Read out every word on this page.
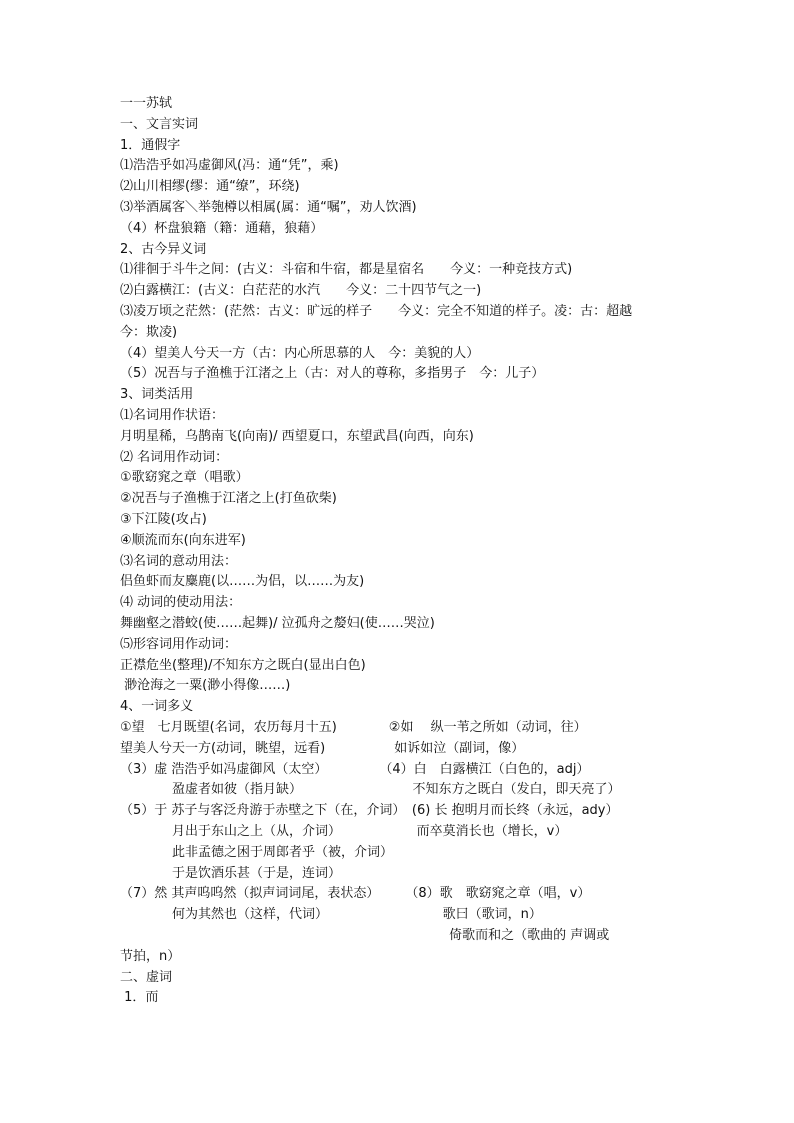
一一苏轼
一、文言实词
1．通假字
⑴浩浩乎如冯虚御风(冯：通“凭”，乘)
⑵山川相缪(缪：通“缭”，环绕)
⑶举酒属客＼举匏樽以相属(属：通“嘱”，劝人饮酒)
（4）杯盘狼籍（籍：通藉，狼藉）
2、古今异义词
⑴徘徊于斗牛之间：(古义：斗宿和牛宿，都是星宿名　　今义：一种竞技方式)
⑵白露横江：(古义：白茫茫的水汽　　今义：二十四节气之一)
⑶凌万顷之茫然：(茫然：古义：旷远的样子　　今义：完全不知道的样子。凌：古：超越
今：欺凌)
（4）望美人兮天一方（古：内心所思慕的人　今：美貌的人）
（5）况吾与子渔樵于江渚之上（古：对人的尊称，多指男子　今：儿子）
3、词类活用
⑴名词用作状语：
月明星稀，乌鹊南飞(向南)/ 西望夏口，东望武昌(向西，向东)
⑵ 名词用作动词：
①歌窈窕之章（唱歌）
②况吾与子渔樵于江渚之上(打鱼砍柴)
③下江陵(攻占)
④顺流而东(向东进军)
⑶名词的意动用法：
侣鱼虾而友麋鹿(以……为侣，以……为友)
⑷ 动词的使动用法：
舞幽壑之潜蛟(使……起舞)/ 泣孤舟之嫠妇(使……哭泣)
⑸形容词用作动词：
正襟危坐(整理)/不知东方之既白(显出白色)
渺沧海之一粟(渺小得像……)
4、一词多义
①望　七月既望(名词，农历每月十五)　　　　②如　 纵一苇之所如（动词，往）
望美人兮天一方(动词，眺望，远看)　　　　　 如诉如泣（副词，像）
（3）虚 浩浩乎如冯虚御风（太空）　　　　　（4）白　白露横江（白色的，adj）
　　　　盈虚者如彼（指月缺）　　　　　　　　　不知东方之既白（发白，即天亮了）
（5）于 苏子与客泛舟游于赤壁之下（在，介词）　(6) 长 抱明月而长终（永远，ady）
　　　　月出于东山之上（从，介词）　　　　　　 而卒莫消长也（增长，v）
　　　　此非孟德之困于周郎者乎（被，介词）
　　　　于是饮酒乐甚（于是，连词）
（7）然 其声呜呜然（拟声词词尾，表状态）　　　（8）歌　歌窈窕之章（唱，v）
　　　　何为其然也（这样，代词）　　　　　　　　　 歌曰（歌词，n）
　　　　　　　　　　　　　　　　　　　　　　　　　 倚歌而和之（歌曲的 声调或
节拍，n）
二、虚词
1．而
